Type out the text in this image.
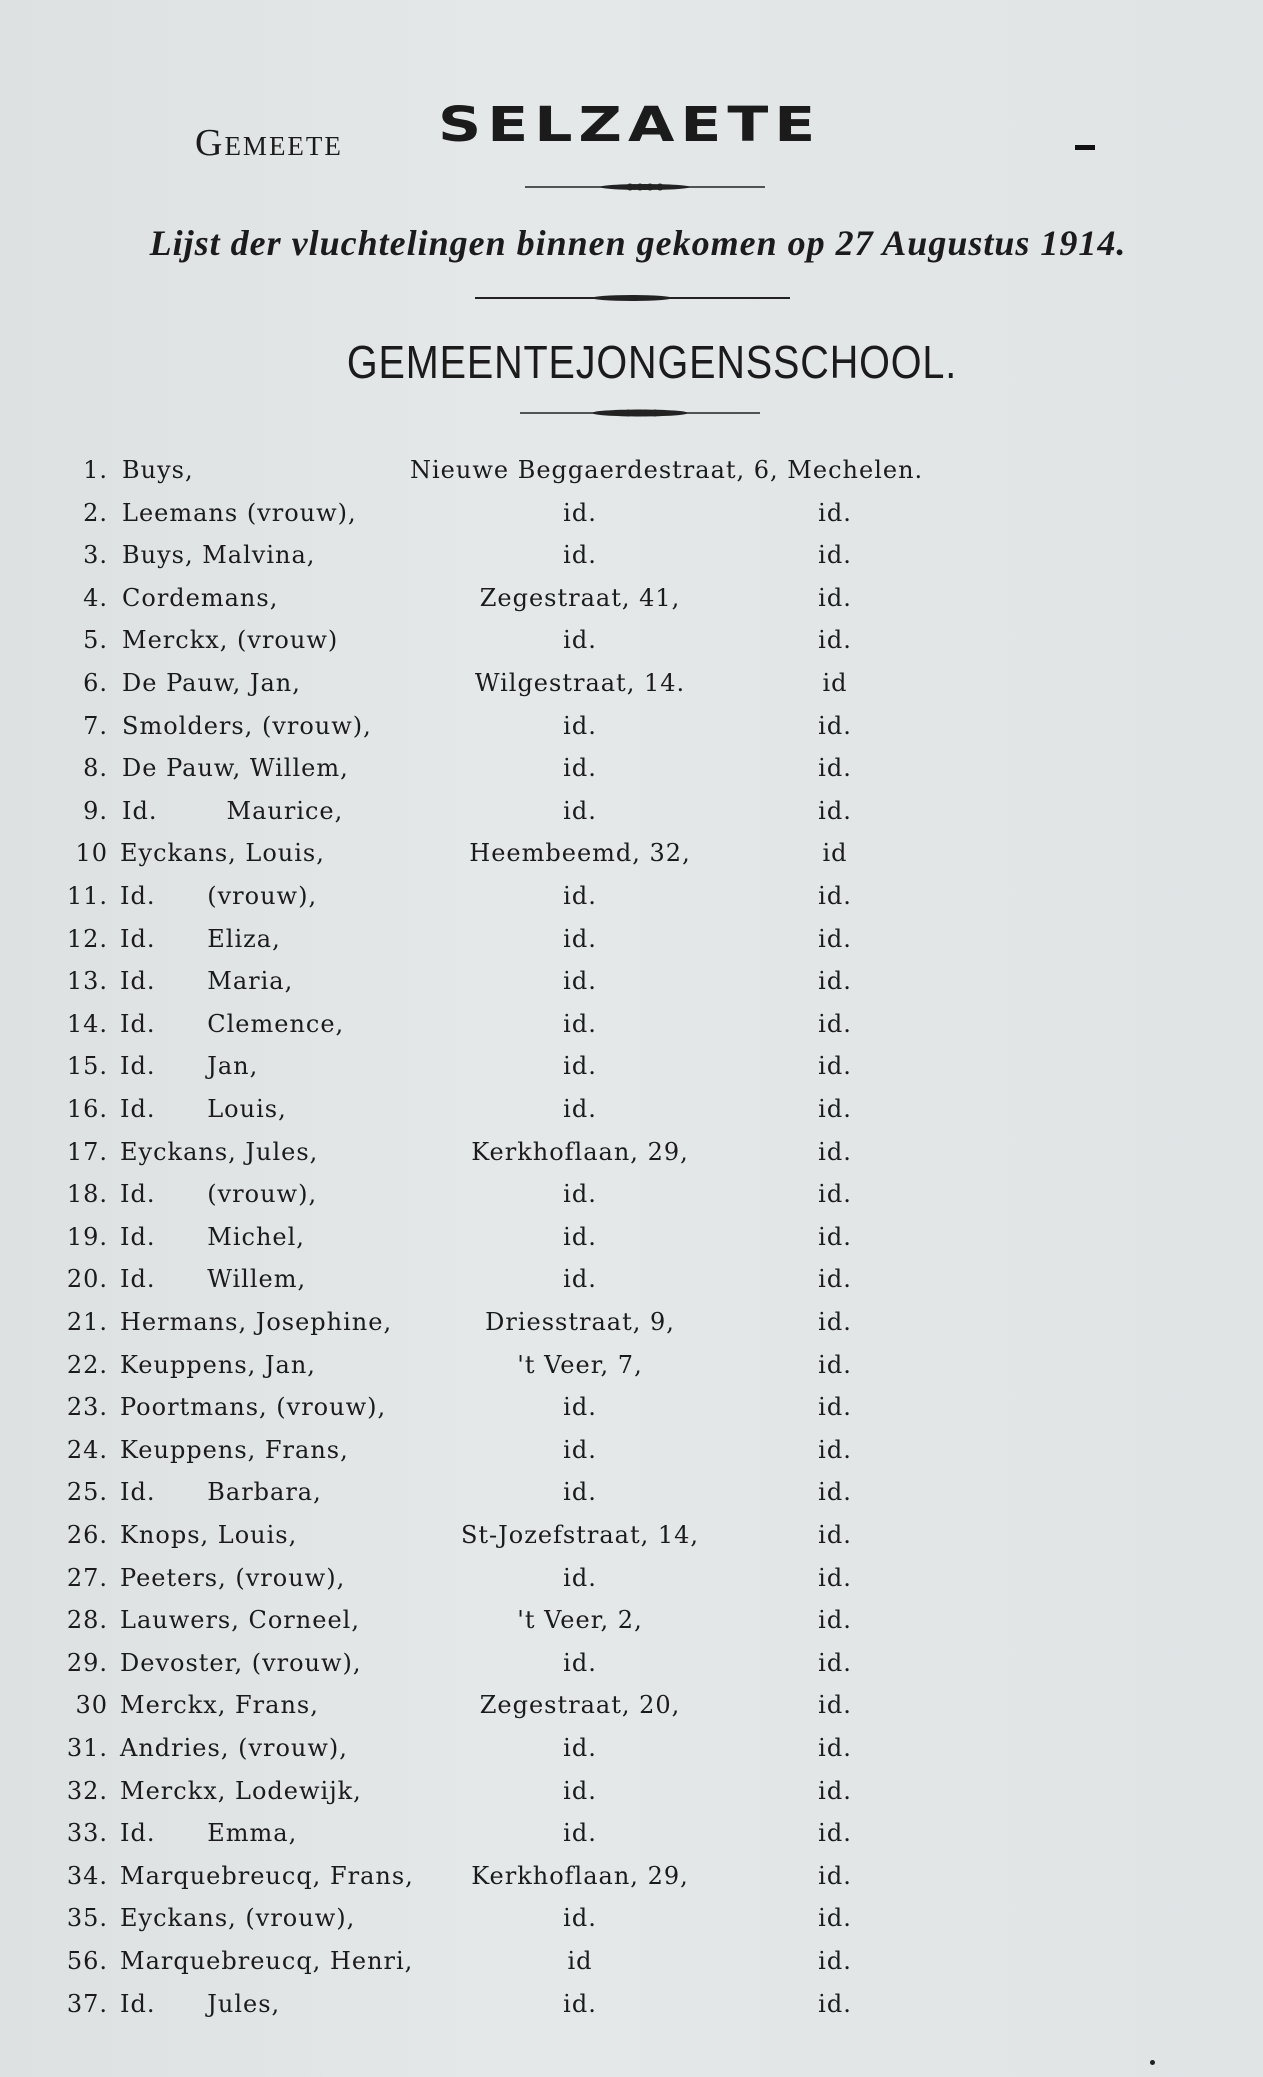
Gemeete SELZAETE
Lijst der vluchtelingen binnen gekomen op 27 Augustus 1914.
GEMEENTEJONGENSSCHOOL.
1. Buys,	Nieuwe Beggaerdestraat, 6, Mechelen.
2. Leemans (vrouw),	id.	id.
3. Buys, Malvina,	id.	id.
4. Cordemans,	Zegestraat, 41,	id.
5. Merckx, (vrouw)	id.	id.
6. De Pauw, Jan,	Wilgestraat, 14.	id
7. Smolders, (vrouw),	id.	id.
8. De Pauw, Willem,	id.	id.
9. Id.        Maurice,	id.	id.
10 Eyckans, Louis,	Heembeemd, 32,	id
11. Id.      (vrouw),	id.	id.
12. Id.      Eliza,	id.	id.
13. Id.      Maria,	id.	id.
14. Id.      Clemence,	id.	id.
15. Id.      Jan,	id.	id.
16. Id.      Louis,	id.	id.
17. Eyckans, Jules,	Kerkhoflaan, 29,	id.
18. Id.      (vrouw),	id.	id.
19. Id.      Michel,	id.	id.
20. Id.      Willem,	id.	id.
21. Hermans, Josephine,	Driesstraat, 9,	id.
22. Keuppens, Jan,	't Veer, 7,	id.
23. Poortmans, (vrouw),	id.	id.
24. Keuppens, Frans,	id.	id.
25. Id.      Barbara,	id.	id.
26. Knops, Louis,	St-Jozefstraat, 14,	id.
27. Peeters, (vrouw),	id.	id.
28. Lauwers, Corneel,	't Veer, 2,	id.
29. Devoster, (vrouw),	id.	id.
30 Merckx, Frans,	Zegestraat, 20,	id.
31. Andries, (vrouw),	id.	id.
32. Merckx, Lodewijk,	id.	id.
33. Id.      Emma,	id.	id.
34. Marquebreucq, Frans,	Kerkhoflaan, 29,	id.
35. Eyckans, (vrouw),	id.	id.
56. Marquebreucq, Henri,	id	id.
37. Id.      Jules,	id.	id.
